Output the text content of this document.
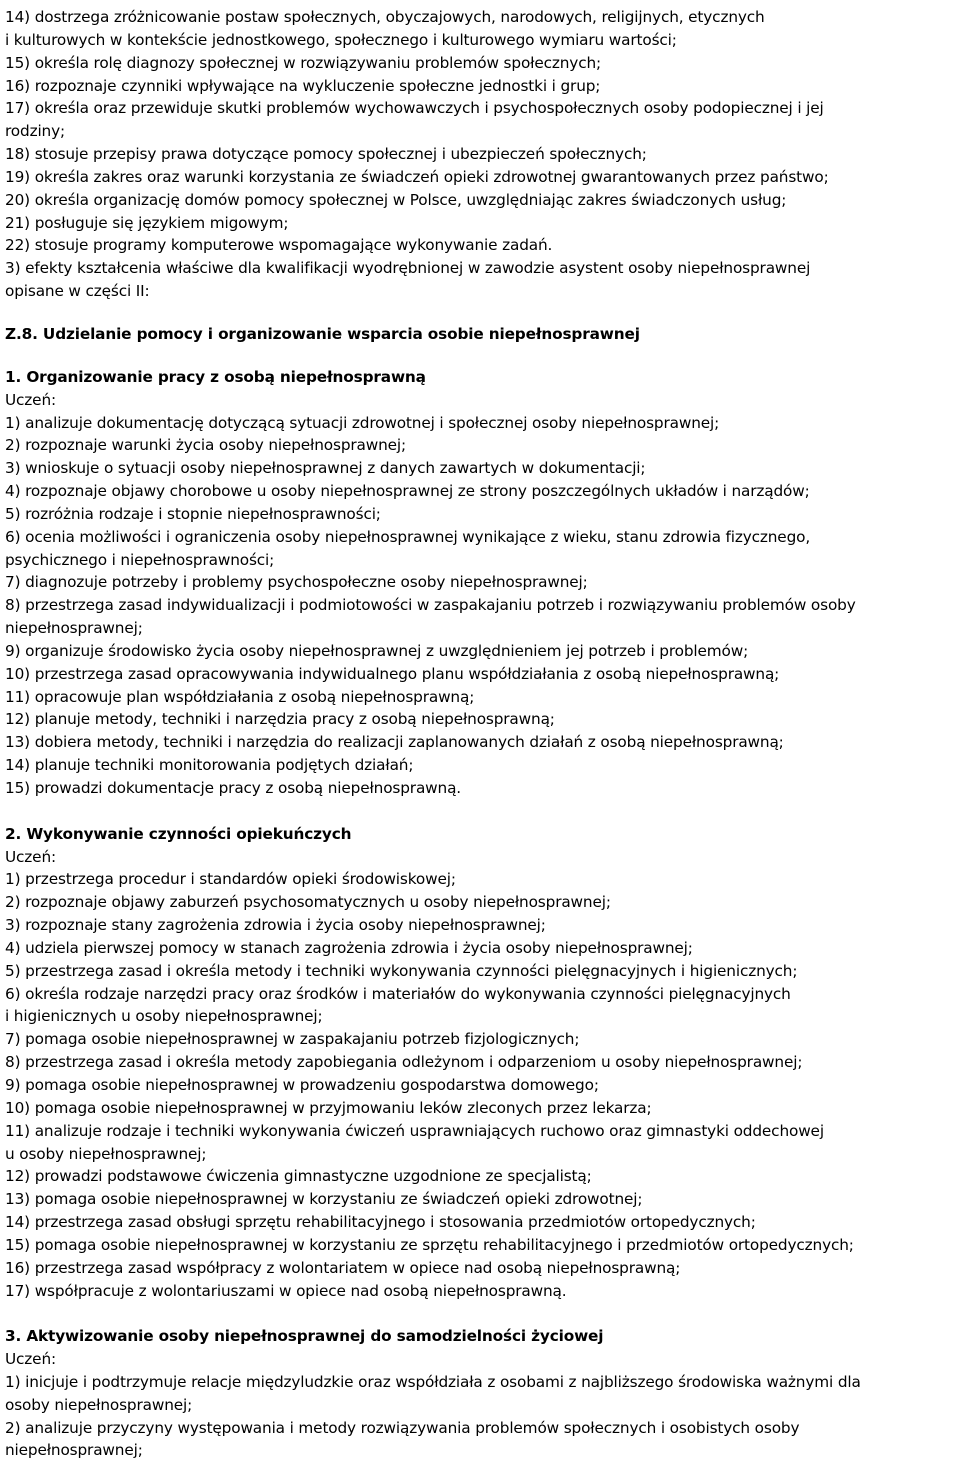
14) dostrzega zróżnicowanie postaw społecznych, obyczajowych, narodowych, religijnych, etycznych
i kulturowych w kontekście jednostkowego, społecznego i kulturowego wymiaru wartości;
15) określa rolę diagnozy społecznej w rozwiązywaniu problemów społecznych;
16) rozpoznaje czynniki wpływające na wykluczenie społeczne jednostki i grup;
17) określa oraz przewiduje skutki problemów wychowawczych i psychospołecznych osoby podopiecznej i jej
rodziny;
18) stosuje przepisy prawa dotyczące pomocy społecznej i ubezpieczeń społecznych;
19) określa zakres oraz warunki korzystania ze świadczeń opieki zdrowotnej gwarantowanych przez państwo;
20) określa organizację domów pomocy społecznej w Polsce, uwzględniając zakres świadczonych usług;
21) posługuje się językiem migowym;
22) stosuje programy komputerowe wspomagające wykonywanie zadań.
3) efekty kształcenia właściwe dla kwalifikacji wyodrębnionej w zawodzie asystent osoby niepełnosprawnej
opisane w części II:
Z.8. Udzielanie pomocy i organizowanie wsparcia osobie niepełnosprawnej
1. Organizowanie pracy z osobą niepełnosprawną
Uczeń:
1) analizuje dokumentację dotyczącą sytuacji zdrowotnej i społecznej osoby niepełnosprawnej;
2) rozpoznaje warunki życia osoby niepełnosprawnej;
3) wnioskuje o sytuacji osoby niepełnosprawnej z danych zawartych w dokumentacji;
4) rozpoznaje objawy chorobowe u osoby niepełnosprawnej ze strony poszczególnych układów i narządów;
5) rozróżnia rodzaje i stopnie niepełnosprawności;
6) ocenia możliwości i ograniczenia osoby niepełnosprawnej wynikające z wieku, stanu zdrowia fizycznego,
psychicznego i niepełnosprawności;
7) diagnozuje potrzeby i problemy psychospołeczne osoby niepełnosprawnej;
8) przestrzega zasad indywidualizacji i podmiotowości w zaspakajaniu potrzeb i rozwiązywaniu problemów osoby
niepełnosprawnej;
9) organizuje środowisko życia osoby niepełnosprawnej z uwzględnieniem jej potrzeb i problemów;
10) przestrzega zasad opracowywania indywidualnego planu współdziałania z osobą niepełnosprawną;
11) opracowuje plan współdziałania z osobą niepełnosprawną;
12) planuje metody, techniki i narzędzia pracy z osobą niepełnosprawną;
13) dobiera metody, techniki i narzędzia do realizacji zaplanowanych działań z osobą niepełnosprawną;
14) planuje techniki monitorowania podjętych działań;
15) prowadzi dokumentacje pracy z osobą niepełnosprawną.
2. Wykonywanie czynności opiekuńczych
Uczeń:
1) przestrzega procedur i standardów opieki środowiskowej;
2) rozpoznaje objawy zaburzeń psychosomatycznych u osoby niepełnosprawnej;
3) rozpoznaje stany zagrożenia zdrowia i życia osoby niepełnosprawnej;
4) udziela pierwszej pomocy w stanach zagrożenia zdrowia i życia osoby niepełnosprawnej;
5) przestrzega zasad i określa metody i techniki wykonywania czynności pielęgnacyjnych i higienicznych;
6) określa rodzaje narzędzi pracy oraz środków i materiałów do wykonywania czynności pielęgnacyjnych
i higienicznych u osoby niepełnosprawnej;
7) pomaga osobie niepełnosprawnej w zaspakajaniu potrzeb fizjologicznych;
8) przestrzega zasad i określa metody zapobiegania odleżynom i odparzeniom u osoby niepełnosprawnej;
9) pomaga osobie niepełnosprawnej w prowadzeniu gospodarstwa domowego;
10) pomaga osobie niepełnosprawnej w przyjmowaniu leków zleconych przez lekarza;
11) analizuje rodzaje i techniki wykonywania ćwiczeń usprawniających ruchowo oraz gimnastyki oddechowej
u osoby niepełnosprawnej;
12) prowadzi podstawowe ćwiczenia gimnastyczne uzgodnione ze specjalistą;
13) pomaga osobie niepełnosprawnej w korzystaniu ze świadczeń opieki zdrowotnej;
14) przestrzega zasad obsługi sprzętu rehabilitacyjnego i stosowania przedmiotów ortopedycznych;
15) pomaga osobie niepełnosprawnej w korzystaniu ze sprzętu rehabilitacyjnego i przedmiotów ortopedycznych;
16) przestrzega zasad współpracy z wolontariatem w opiece nad osobą niepełnosprawną;
17) współpracuje z wolontariuszami w opiece nad osobą niepełnosprawną.
3. Aktywizowanie osoby niepełnosprawnej do samodzielności życiowej
Uczeń:
1) inicjuje i podtrzymuje relacje międzyludzkie oraz współdziała z osobami z najbliższego środowiska ważnymi dla
osoby niepełnosprawnej;
2) analizuje przyczyny występowania i metody rozwiązywania problemów społecznych i osobistych osoby
niepełnosprawnej;
